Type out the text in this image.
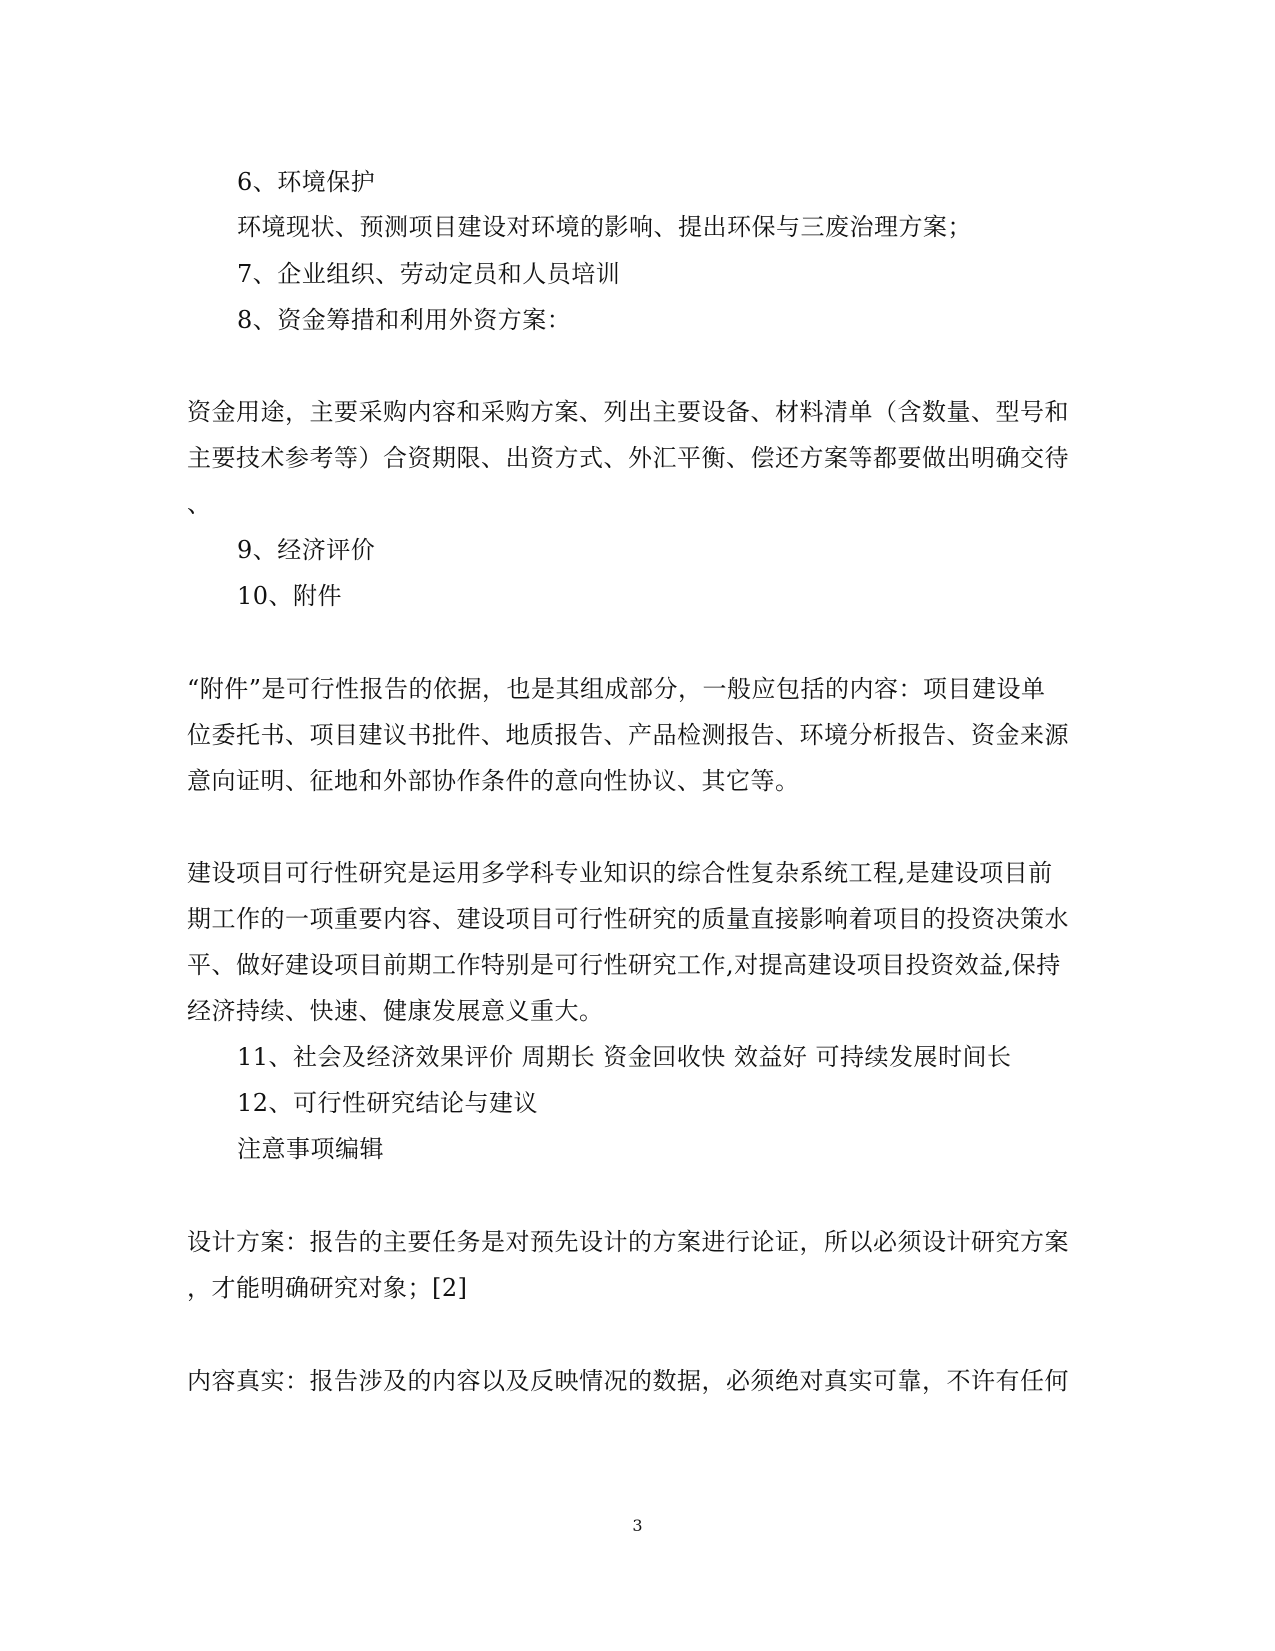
6、环境保护
环境现状、预测项目建设对环境的影响、提出环保与三废治理方案；
7、企业组织、劳动定员和人员培训
8、资金筹措和利用外资方案：
资金用途，主要采购内容和采购方案、列出主要设备、材料清单（含数量、型号和
主要技术参考等）合资期限、出资方式、外汇平衡、偿还方案等都要做出明确交待
、
9、经济评价
10、附件
“附件”是可行性报告的依据，也是其组成部分，一般应包括的内容：项目建设单
位委托书、项目建议书批件、地质报告、产品检测报告、环境分析报告、资金来源
意向证明、征地和外部协作条件的意向性协议、其它等。
建设项目可行性研究是运用多学科专业知识的综合性复杂系统工程,是建设项目前
期工作的一项重要内容、建设项目可行性研究的质量直接影响着项目的投资决策水
平、做好建设项目前期工作特别是可行性研究工作,对提高建设项目投资效益,保持
经济持续、快速、健康发展意义重大。
11、社会及经济效果评价 周期长 资金回收快 效益好 可持续发展时间长
12、可行性研究结论与建议
注意事项编辑
设计方案：报告的主要任务是对预先设计的方案进行论证，所以必须设计研究方案
，才能明确研究对象；[2]
内容真实：报告涉及的内容以及反映情况的数据，必须绝对真实可靠，不许有任何
3
